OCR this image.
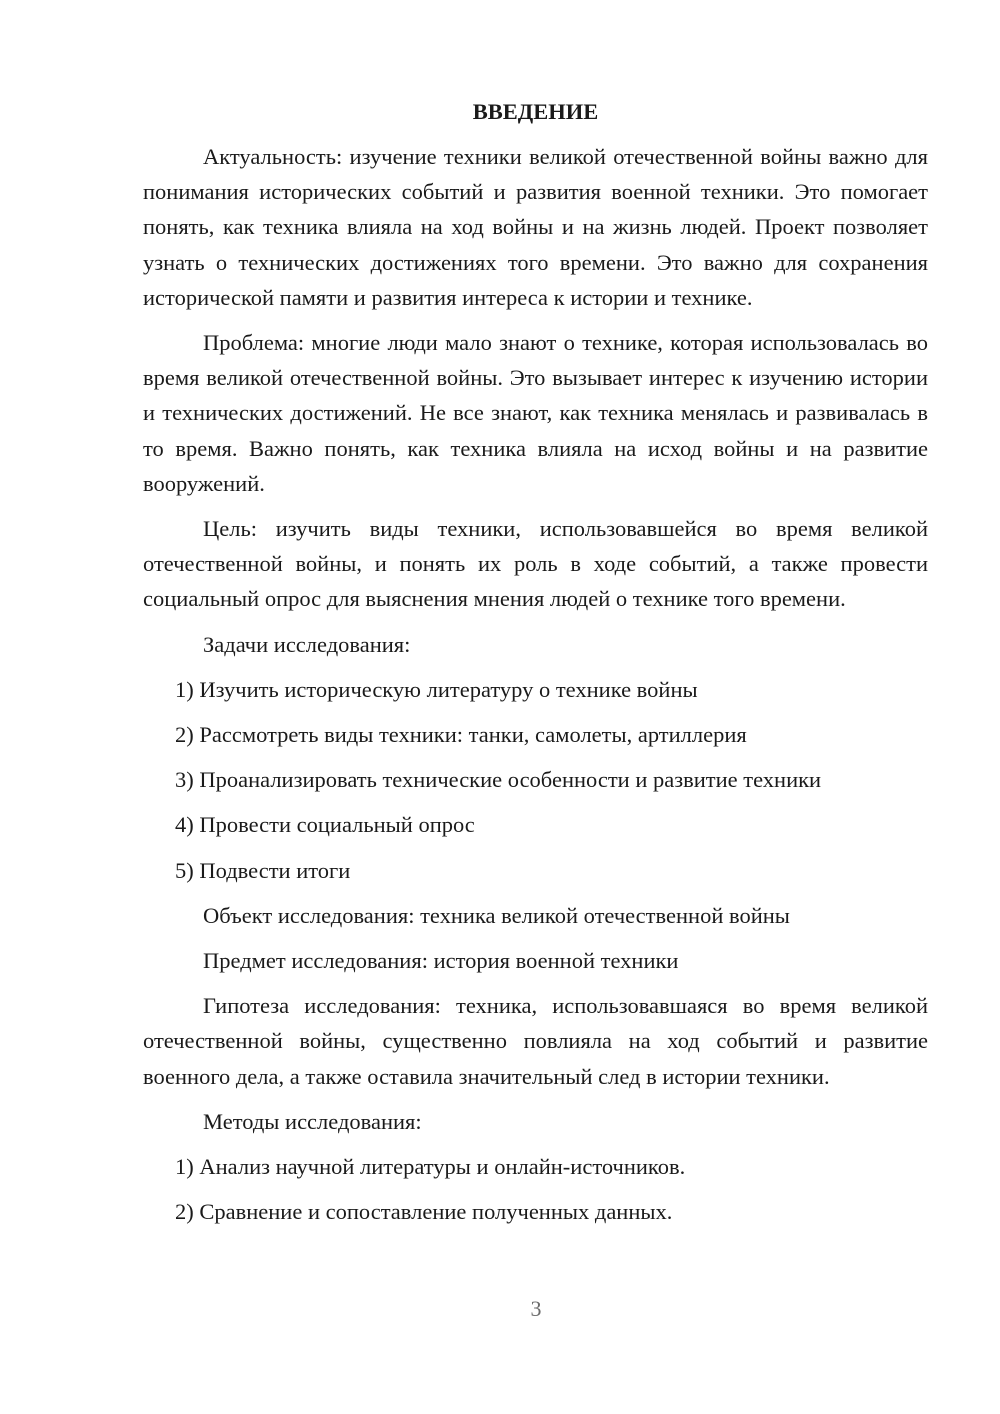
ВВЕДЕНИЕ

Актуальность: изучение техники великой отечественной войны важно для понимания исторических событий и развития военной техники. Это помогает понять, как техника влияла на ход войны и на жизнь людей. Проект позволяет узнать о технических достижениях того времени. Это важно для сохранения исторической памяти и развития интереса к истории и технике.

Проблема: многие люди мало знают о технике, которая использовалась во время великой отечественной войны. Это вызывает интерес к изучению истории и технических достижений. Не все знают, как техника менялась и развивалась в то время. Важно понять, как техника влияла на исход войны и на развитие вооружений.

Цель: изучить виды техники, использовавшейся во время великой отечественной войны, и понять их роль в ходе событий, а также провести социальный опрос для выяснения мнения людей о технике того времени.

Задачи исследования:

1) Изучить историческую литературу о технике войны

2) Рассмотреть виды техники: танки, самолеты, артиллерия

3) Проанализировать технические особенности и развитие техники

4) Провести социальный опрос

5) Подвести итоги

Объект исследования: техника великой отечественной войны

Предмет исследования: история военной техники

Гипотеза исследования: техника, использовавшаяся во время великой отечественной войны, существенно повлияла на ход событий и развитие военного дела, а также оставила значительный след в истории техники.

Методы исследования:

1) Анализ научной литературы и онлайн-источников.

2) Сравнение и сопоставление полученных данных.

3
